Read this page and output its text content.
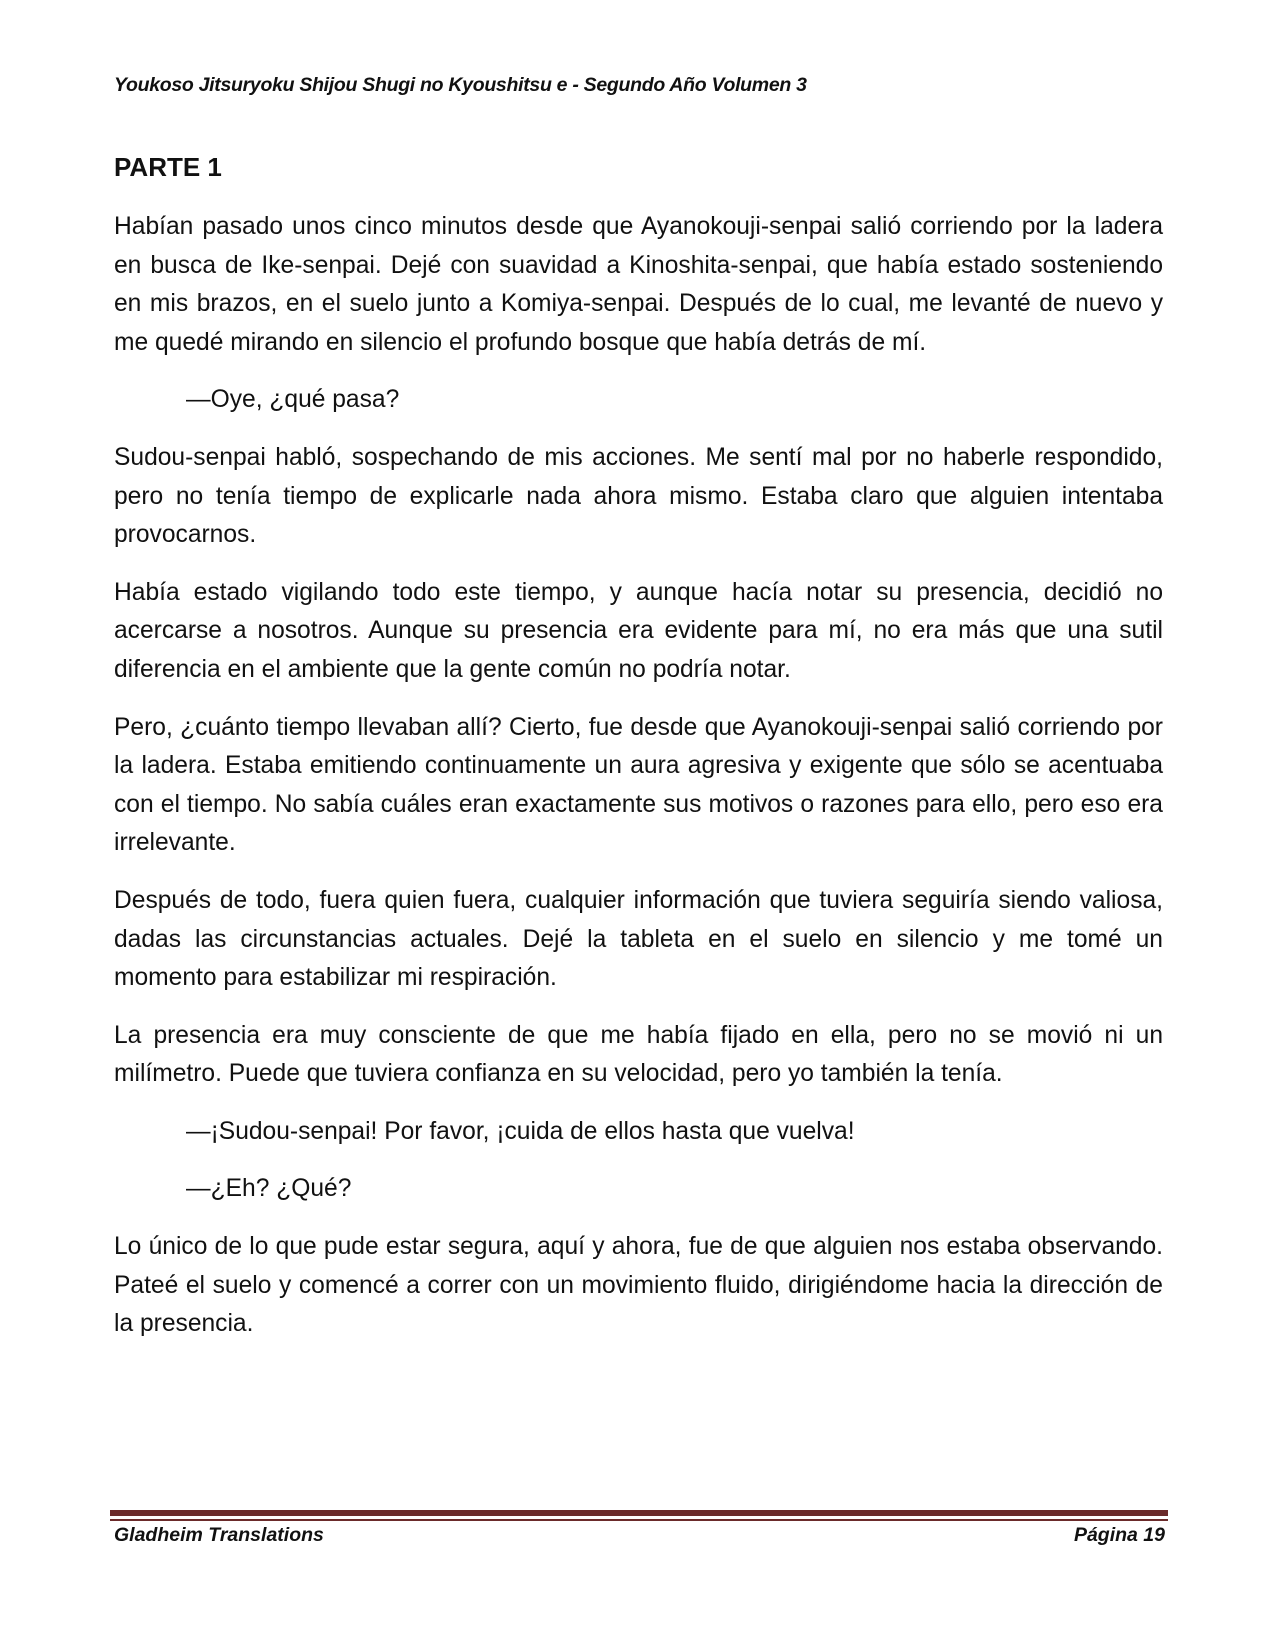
Youkoso Jitsuryoku Shijou Shugi no Kyoushitsu e - Segundo Año Volumen 3
PARTE 1

Habían pasado unos cinco minutos desde que Ayanokouji-senpai salió corriendo por la ladera en busca de Ike-senpai. Dejé con suavidad a Kinoshita-senpai, que había estado sosteniendo en mis brazos, en el suelo junto a Komiya-senpai. Después de lo cual, me levanté de nuevo y me quedé mirando en silencio el profundo bosque que había detrás de mí.

—Oye, ¿qué pasa?

Sudou-senpai habló, sospechando de mis acciones. Me sentí mal por no haberle respondido, pero no tenía tiempo de explicarle nada ahora mismo. Estaba claro que alguien intentaba provocarnos.

Había estado vigilando todo este tiempo, y aunque hacía notar su presencia, decidió no acercarse a nosotros. Aunque su presencia era evidente para mí, no era más que una sutil diferencia en el ambiente que la gente común no podría notar.

Pero, ¿cuánto tiempo llevaban allí? Cierto, fue desde que Ayanokouji-senpai salió corriendo por la ladera. Estaba emitiendo continuamente un aura agresiva y exigente que sólo se acentuaba con el tiempo. No sabía cuáles eran exactamente sus motivos o razones para ello, pero eso era irrelevante.

Después de todo, fuera quien fuera, cualquier información que tuviera seguiría siendo valiosa, dadas las circunstancias actuales. Dejé la tableta en el suelo en silencio y me tomé un momento para estabilizar mi respiración.

La presencia era muy consciente de que me había fijado en ella, pero no se movió ni un milímetro. Puede que tuviera confianza en su velocidad, pero yo también la tenía.

—¡Sudou-senpai! Por favor, ¡cuida de ellos hasta que vuelva!

—¿Eh? ¿Qué?

Lo único de lo que pude estar segura, aquí y ahora, fue de que alguien nos estaba observando. Pateé el suelo y comencé a correr con un movimiento fluido, dirigiéndome hacia la dirección de la presencia.

Gladheim Translations	Página 19
